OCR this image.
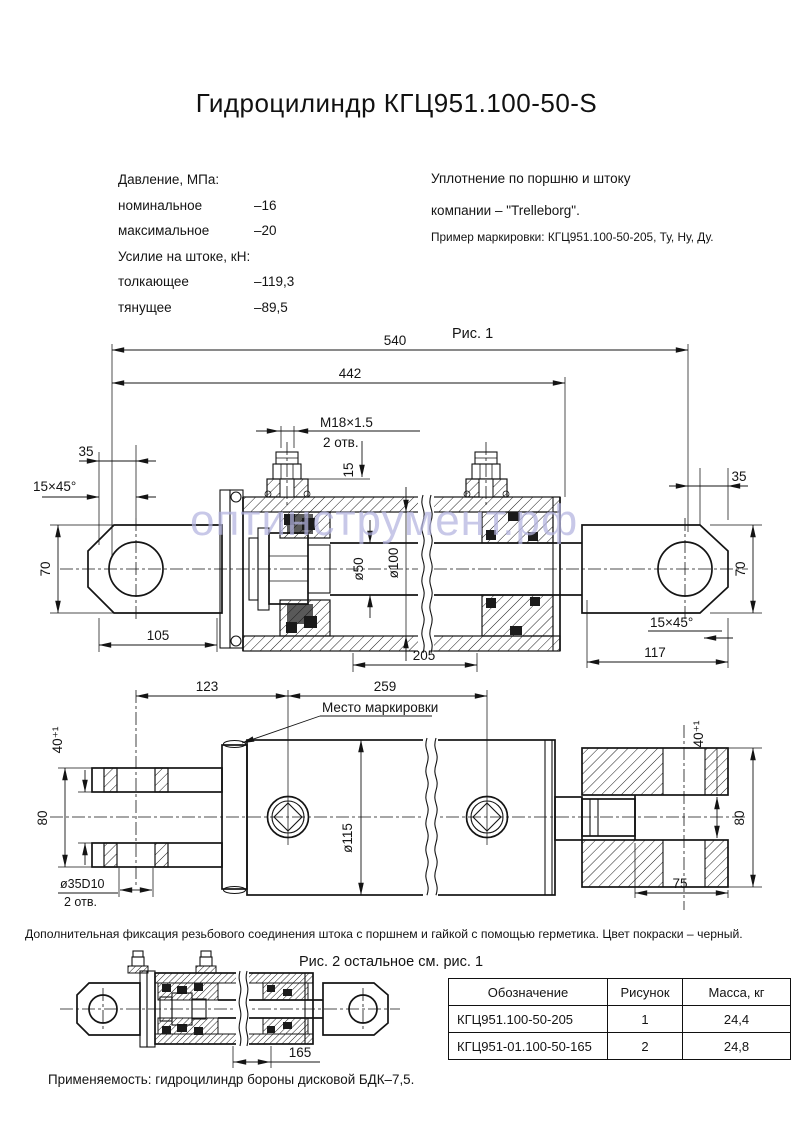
Гидроцилиндр КГЦ951.100-50-S
Давление, МПа:
номинальное	–16
максимальное	–20
Усилие на штоке, кН:
толкающее	–119,3
тянущее	–89,5
Уплотнение по поршню и штоку
компании – "Trelleborg".
Пример маркировки: КГЦ951.100-50-205, Ту, Ну, Ду.
оптинструмент.рф
Рис. 1
540
442
M18×1.5
2 отв.
15
35
15×45°
70
105
ø50 ø100
205	117
15×45°
35
70
123	259
Место маркировки
40⁺¹
80
ø35D10
2 отв.
ø115
40⁺¹
80
75
Рис. 2 остальное см. рис. 1
165
Дополнительная фиксация резьбового соединения штока с поршнем и гайкой с помощью герметика. Цвет покраски – черный.
Обозначение	Рисунок	Масса, кг
КГЦ951.100-50-205	1	24,4
КГЦ951-01.100-50-165	2	24,8
Применяемость: гидроцилиндр бороны дисковой БДК–7,5.
